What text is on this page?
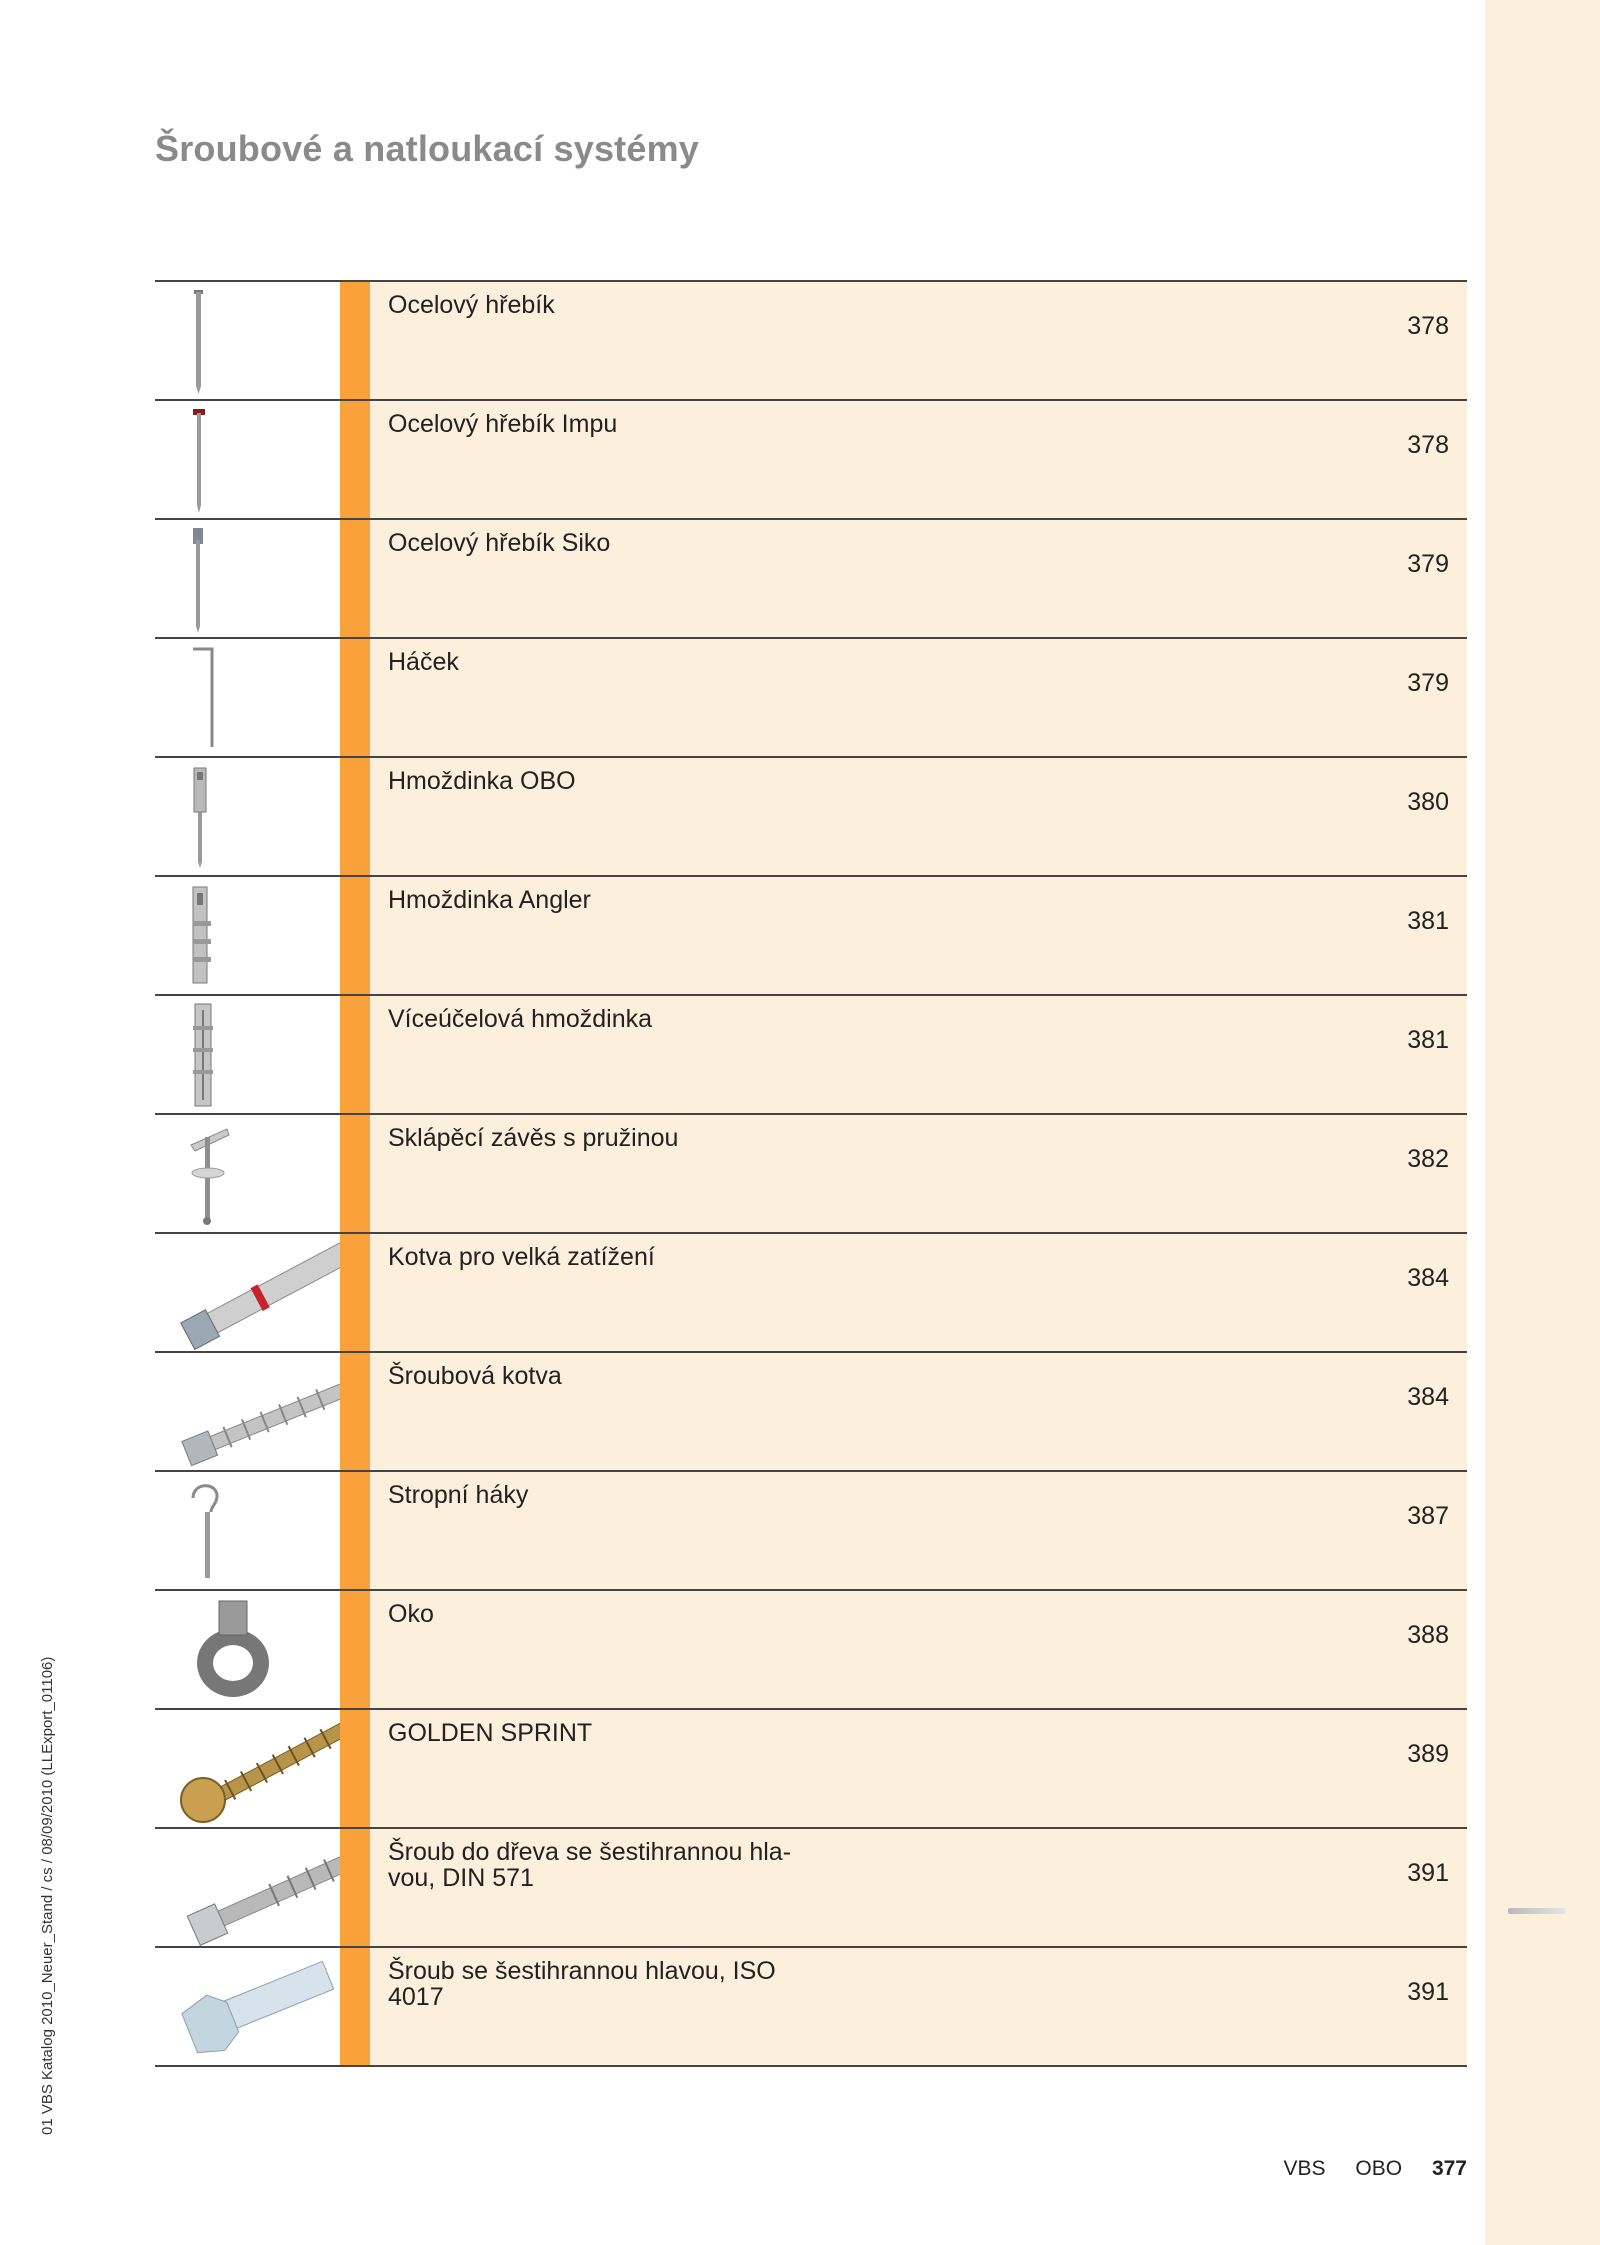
Šroubové a natloukací systémy
01 VBS Katalog 2010_Neuer_Stand / cs / 08/09/2010 (LLExport_01106)
Ocelový hřebík
378
Ocelový hřebík Impu
378
Ocelový hřebík Siko
379
Háček
379
Hmoždinka OBO
380
Hmoždinka Angler
381
Víceúčelová hmoždinka
381
Sklápěcí závěs s pružinou
382
Kotva pro velká zatížení
384
Šroubová kotva
384
Stropní háky
387
Oko
388
GOLDEN SPRINT
389
Šroub do dřeva se šestihrannou hla-
vou, DIN 571	391
Šroub se šestihrannou hlavou, ISO
4017	391
VBS OBO 377
